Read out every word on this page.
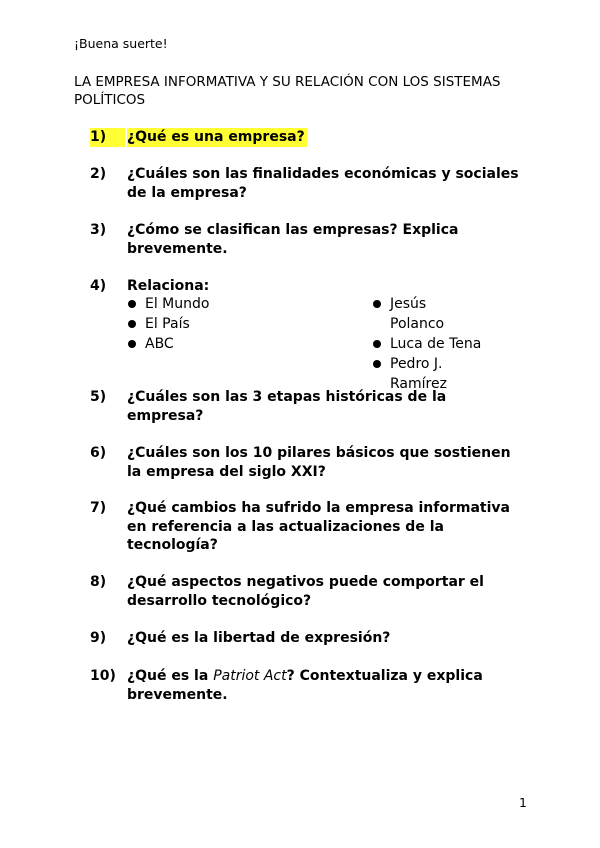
¡Buena suerte!
LA EMPRESA INFORMATIVA Y SU RELACIÓN CON LOS SISTEMAS POLÍTICOS
1)	¿Qué es una empresa?
2) ¿Cuáles son las finalidades económicas y sociales de la empresa?
3) ¿Cómo se clasifican las empresas? Explica brevemente.
4) Relaciona:
El Mundo
El País
ABC
Jesús Polanco
Luca de Tena
Pedro J. Ramírez
5) ¿Cuáles son las 3 etapas históricas de la empresa?
6) ¿Cuáles son los 10 pilares básicos que sostienen la empresa del siglo XXI?
7) ¿Qué cambios ha sufrido la empresa informativa en referencia a las actualizaciones de la tecnología?
8) ¿Qué aspectos negativos puede comportar el desarrollo tecnológico?
9) ¿Qué es la libertad de expresión?
10) ¿Qué es la Patriot Act? Contextualiza y explica brevemente.
1
